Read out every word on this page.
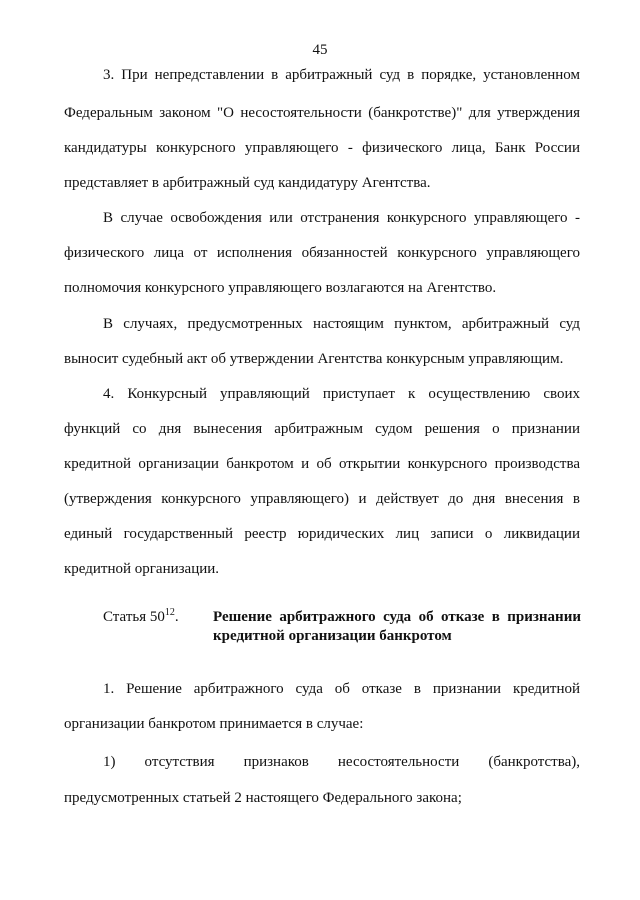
45
3. При непредставлении в арбитражный суд в порядке, установленном
Федеральным законом "О несостоятельности (банкротстве)" для утверждения
кандидатуры конкурсного управляющего - физического лица, Банк России
представляет в арбитражный суд кандидатуру Агентства.
В случае освобождения или отстранения конкурсного управляющего -
физического лица от исполнения обязанностей конкурсного управляющего
полномочия конкурсного управляющего возлагаются на Агентство.
В случаях, предусмотренных настоящим пунктом, арбитражный суд
выносит судебный акт об утверждении Агентства конкурсным управляющим.
4. Конкурсный управляющий приступает к осуществлению своих
функций со дня вынесения арбитражным судом решения о признании
кредитной организации банкротом и об открытии конкурсного производства
(утверждения конкурсного управляющего) и действует до дня внесения в
единый государственный реестр юридических лиц записи о ликвидации
кредитной организации.
Статья $50^{12}$. Решение арбитражного суда об отказе в признании
кредитной организации банкротом
1. Решение арбитражного суда об отказе в признании кредитной
организации банкротом принимается в случае:
1) отсутствия признаков несостоятельности (банкротства),
предусмотренных статьей 2 настоящего Федерального закона;
